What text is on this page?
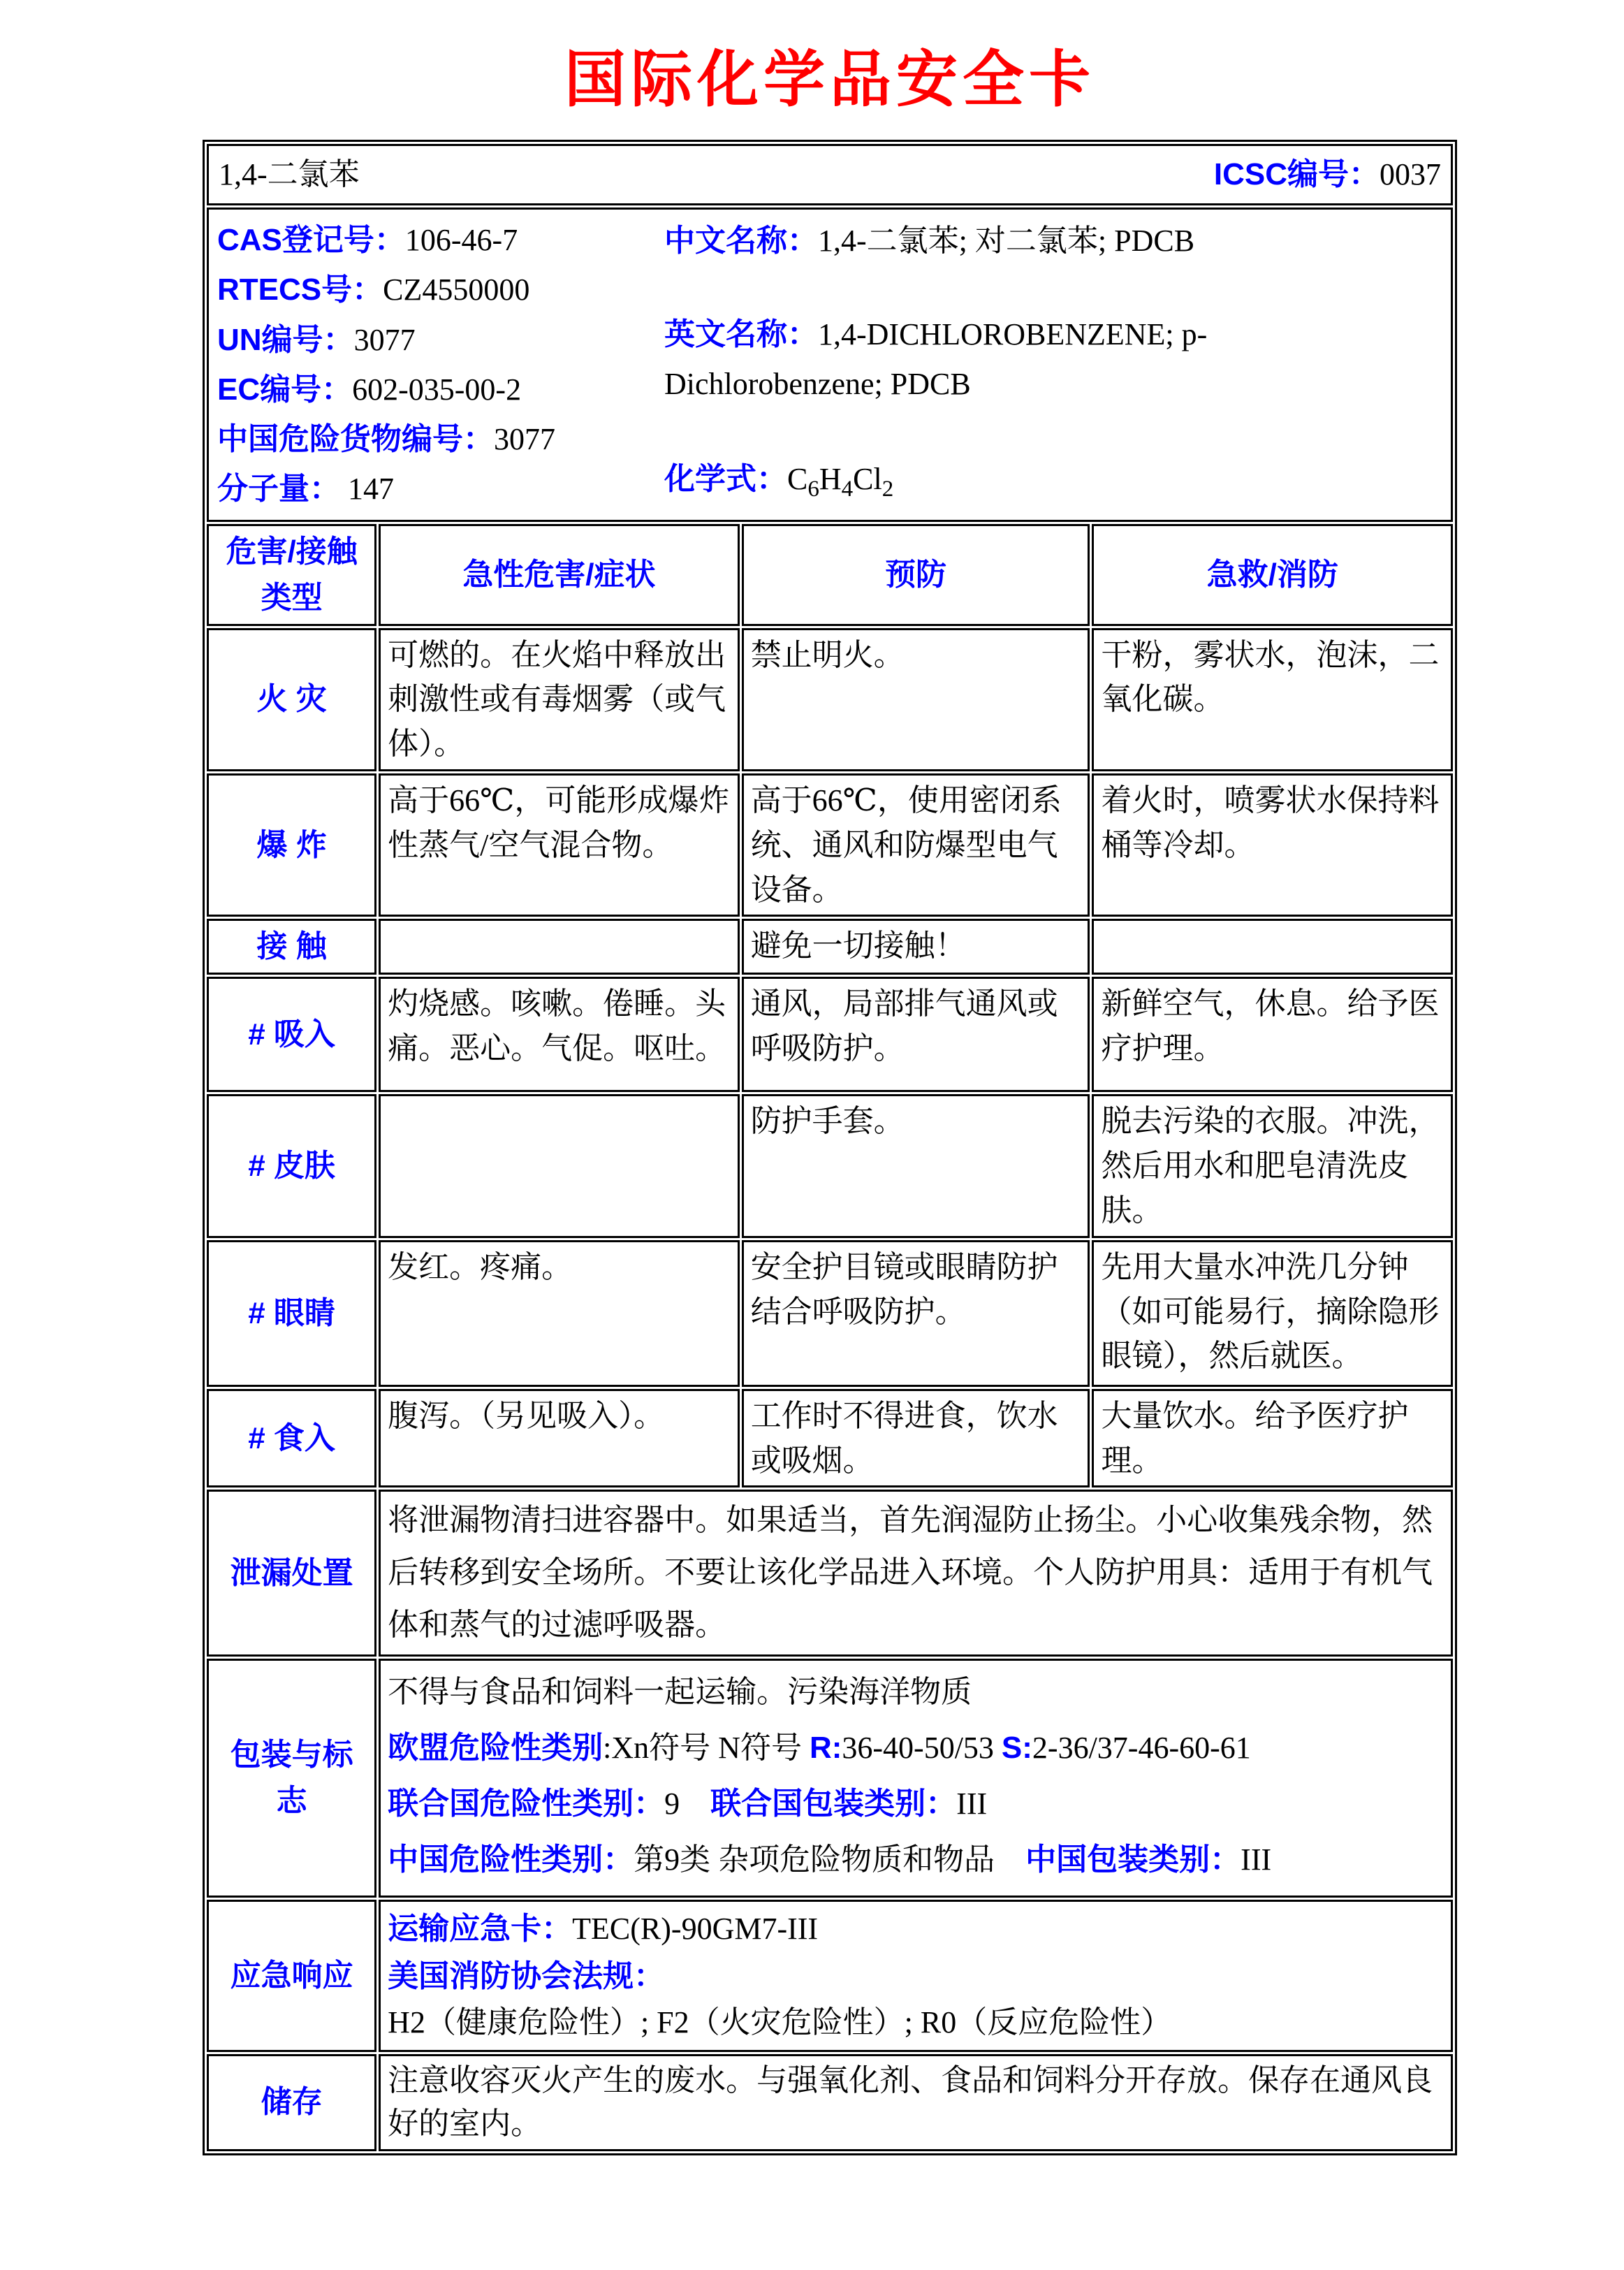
国际化学品安全卡
1,4-二氯苯 ICSC编号：0037			

CAS登记号：106-46-7
RTECS号：CZ4550000
UN编号：3077
EC编号：602-035-00-2
中国危险货物编号：3077
分子量： 147
中文名称：1,4-二氯苯; 对二氯苯; PDCB
英文名称：1,4-DICHLOROBENZENE; p-
Dichlorobenzene; PDCB
化学式：$C_6H_4Cl_2$

危害/接触类型	急性危害/症状	预防	急救/消防
火 灾	可燃的。在火焰中释放出刺激性或有毒烟雾（或气体）。	禁止明火。	干粉，雾状水，泡沫，二氧化碳。
爆 炸	高于66℃，可能形成爆炸性蒸气/空气混合物。	高于66℃，使用密闭系统、通风和防爆型电气设备。	着火时，喷雾状水保持料桶等冷却。
接 触		避免一切接触！	
# 吸入	灼烧感。咳嗽。倦睡。头痛。恶心。气促。呕吐。	通风，局部排气通风或呼吸防护。	新鲜空气，休息。给予医疗护理。
# 皮肤		防护手套。	脱去污染的衣服。冲洗，然后用水和肥皂清洗皮肤。
# 眼睛	发红。疼痛。	安全护目镜或眼睛防护结合呼吸防护。	先用大量水冲洗几分钟（如可能易行，摘除隐形眼镜），然后就医。
# 食入	腹泻。（另见吸入）。	工作时不得进食，饮水或吸烟。	大量饮水。给予医疗护理。
泄漏处置	将泄漏物清扫进容器中。如果适当，首先润湿防止扬尘。小心收集残余物，然后转移到安全场所。不要让该化学品进入环境。个人防护用具：适用于有机气体和蒸气的过滤呼吸器。		
包装与标志	不得与食品和饲料一起运输。污染海洋物质
欧盟危险性类别:Xn符号 N符号 R:36-40-50/53 S:2-36/37-46-60-61
联合国危险性类别：9　联合国包装类别：III
中国危险性类别：第9类 杂项危险物质和物品　中国包装类别：III		

应急响应	运输应急卡：TEC(R)-90GM7-III
美国消防协会法规：H2（健康危险性）; F2（火灾危险性）; R0（反应危险性）		

储存	注意收容灭火产生的废水。与强氧化剂、食品和饲料分开存放。保存在通风良好的室内。		
